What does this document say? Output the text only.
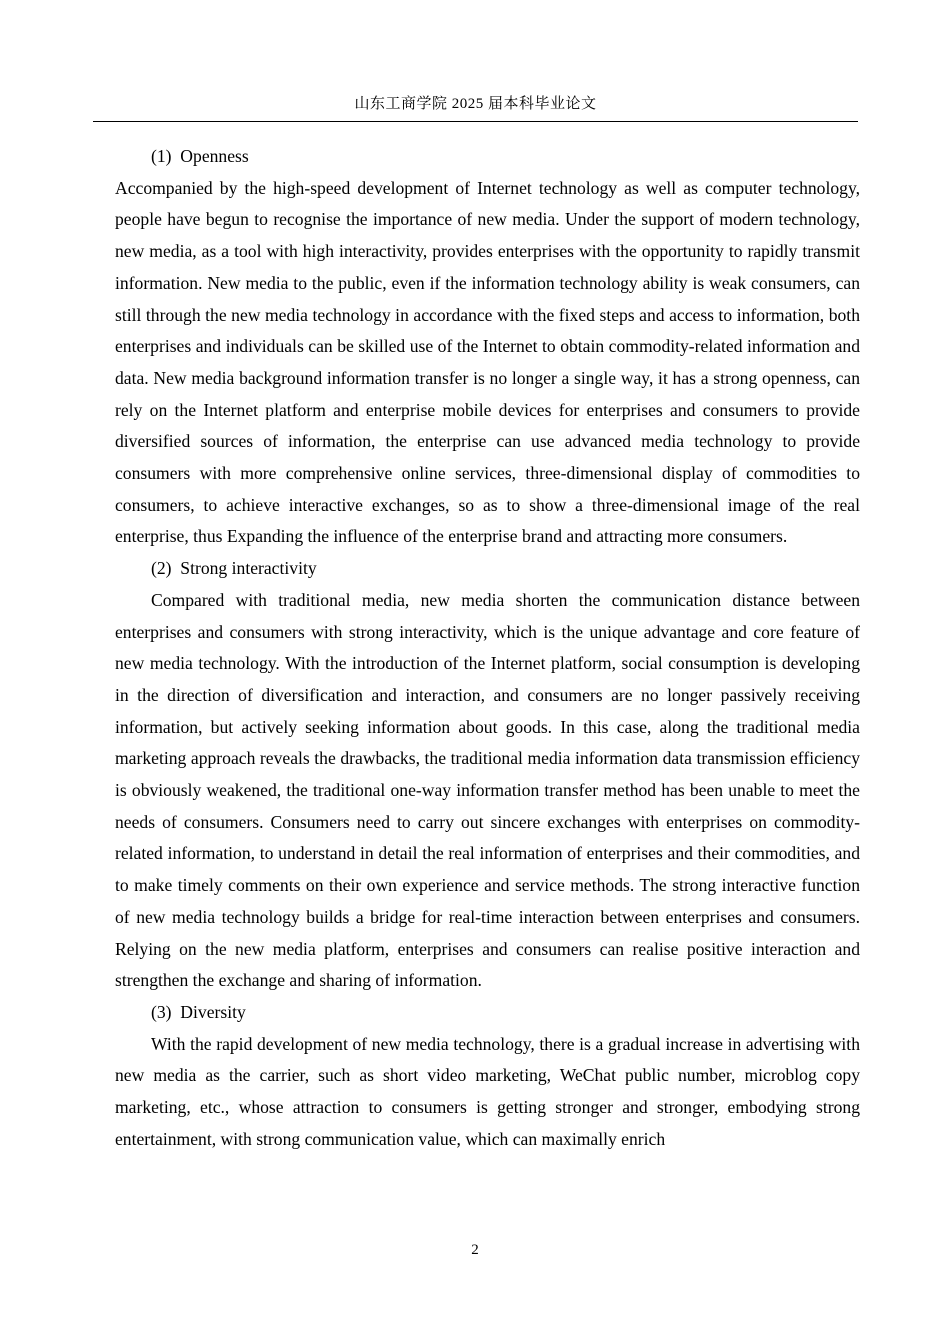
山东工商学院 2025 届本科毕业论文
(1)  Openness

Accompanied by the high-speed development of Internet technology as well as computer technology, people have begun to recognise the importance of new media. Under the support of modern technology, new media, as a tool with high interactivity, provides enterprises with the opportunity to rapidly transmit information. New media to the public, even if the information technology ability is weak consumers, can still through the new media technology in accordance with the fixed steps and access to information, both enterprises and individuals can be skilled use of the Internet to obtain commodity-related information and data. New media background information transfer is no longer a single way, it has a strong openness, can rely on the Internet platform and enterprise mobile devices for enterprises and consumers to provide diversified sources of information, the enterprise can use advanced media technology to provide consumers with more comprehensive online services, three-dimensional display of commodities to consumers, to achieve interactive exchanges, so as to show a three-dimensional image of the real enterprise, thus Expanding the influence of the enterprise brand and attracting more consumers.

(2)  Strong interactivity

Compared with traditional media, new media shorten the communication distance between enterprises and consumers with strong interactivity, which is the unique advantage and core feature of new media technology. With the introduction of the Internet platform, social consumption is developing in the direction of diversification and interaction, and consumers are no longer passively receiving information, but actively seeking information about goods. In this case, along the traditional media marketing approach reveals the drawbacks, the traditional media information data transmission efficiency is obviously weakened, the traditional one-way information transfer method has been unable to meet the needs of consumers. Consumers need to carry out sincere exchanges with enterprises on commodity-related information, to understand in detail the real information of enterprises and their commodities, and to make timely comments on their own experience and service methods. The strong interactive function of new media technology builds a bridge for real-time interaction between enterprises and consumers. Relying on the new media platform, enterprises and consumers can realise positive interaction and strengthen the exchange and sharing of information.

(3)  Diversity

With the rapid development of new media technology, there is a gradual increase in advertising with new media as the carrier, such as short video marketing, WeChat public number, microblog copy marketing, etc., whose attraction to consumers is getting stronger and stronger, embodying strong entertainment, with strong communication value, which can maximally enrich

2
